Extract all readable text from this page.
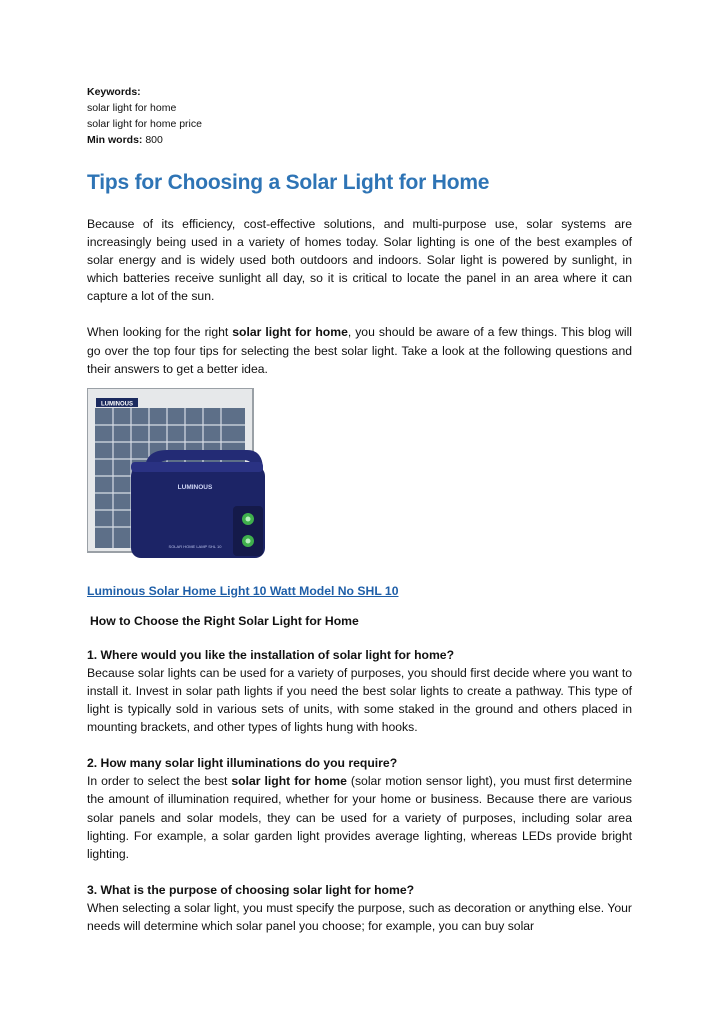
Keywords:
solar light for home
solar light for home price
Min words: 800
Tips for Choosing a Solar Light for Home

Because of its efficiency, cost-effective solutions, and multi-purpose use, solar systems are increasingly being used in a variety of homes today. Solar lighting is one of the best examples of solar energy and is widely used both outdoors and indoors. Solar light is powered by sunlight, in which batteries receive sunlight all day, so it is critical to locate the panel in an area where it can capture a lot of the sun.

When looking for the right solar light for home, you should be aware of a few things. This blog will go over the top four tips for selecting the best solar light. Take a look at the following questions and their answers to get a better idea.

LUMINOUS
LUMINOUS
SOLAR HOME LAMP SHL 10
Luminous Solar Home Light 10 Watt Model No SHL 10
How to Choose the Right Solar Light for Home

1. Where would you like the installation of solar light for home?

Because solar lights can be used for a variety of purposes, you should first decide where you want to install it. Invest in solar path lights if you need the best solar lights to create a pathway. This type of light is typically sold in various sets of units, with some staked in the ground and others placed in mounting brackets, and other types of lights hung with hooks.

2. How many solar light illuminations do you require?

In order to select the best solar light for home (solar motion sensor light), you must first determine the amount of illumination required, whether for your home or business. Because there are various solar panels and solar models, they can be used for a variety of purposes, including solar area lighting. For example, a solar garden light provides average lighting, whereas LEDs provide bright lighting.

3. What is the purpose of choosing solar light for home?

When selecting a solar light, you must specify the purpose, such as decoration or anything else. Your needs will determine which solar panel you choose; for example, you can buy solar
